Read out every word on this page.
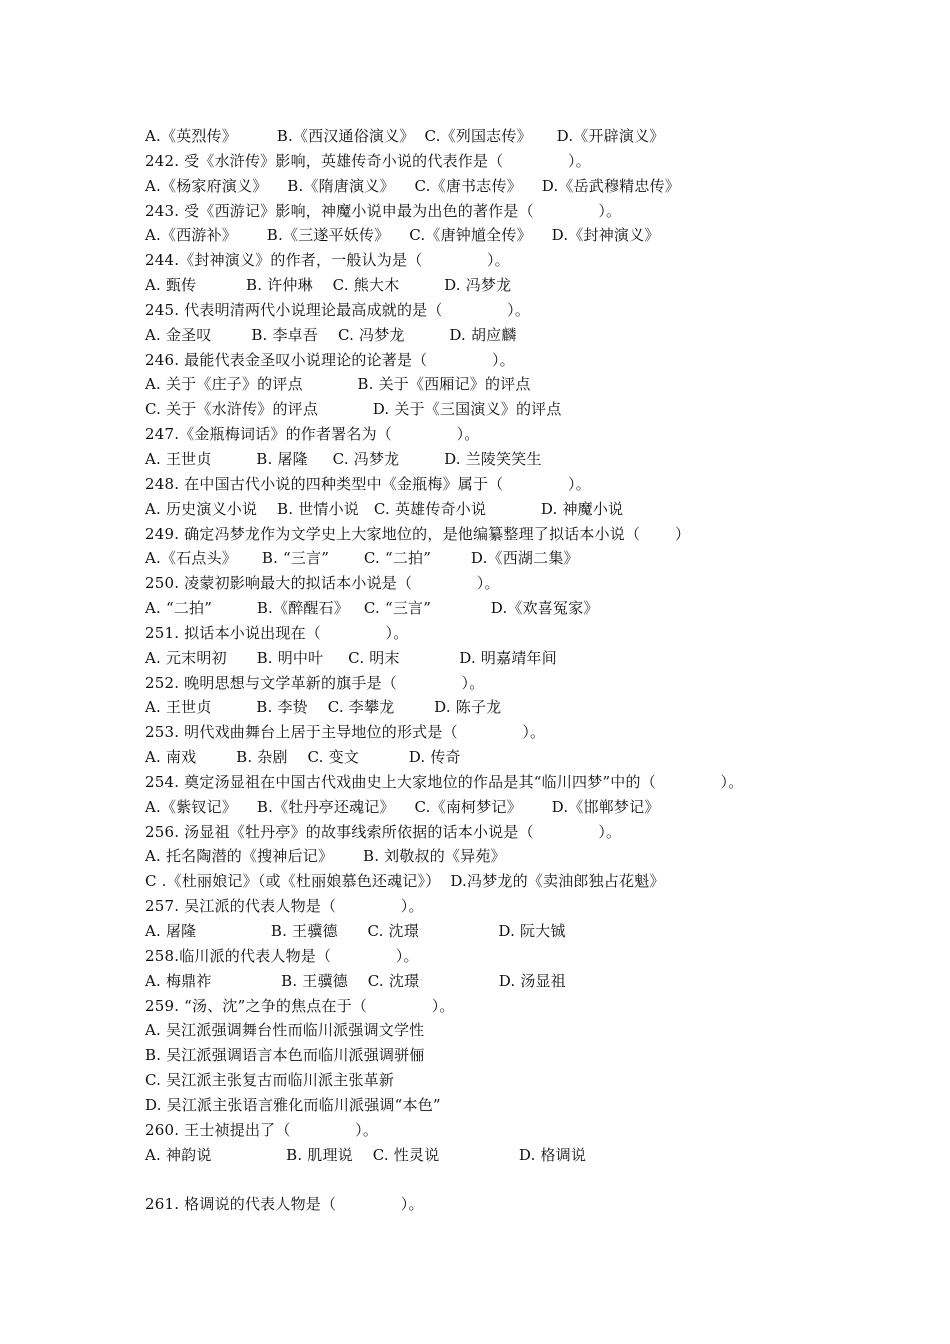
A.《英烈传》        B.《西汉通俗演义》  C.《列国志传》     D.《开辟演义》
242. 受《水浒传》影响，英雄传奇小说的代表作是（             ）。
A.《杨家府演义》    B.《隋唐演义》    C.《唐书志传》    D.《岳武穆精忠传》
243. 受《西游记》影响，神魔小说申最为出色的著作是（             ）。
A.《西游补》      B.《三遂平妖传》    C.《唐钟馗全传》    D.《封神演义》
244.《封神演义》的作者，一般认为是（             ）。
A. 甄传          B. 许仲琳    C. 熊大木         D. 冯梦龙
245. 代表明清两代小说理论最高成就的是（             ）。
A. 金圣叹        B. 李卓吾    C. 冯梦龙         D. 胡应麟
246. 最能代表金圣叹小说理论的论著是（             ）。
A. 关于《庄子》的评点           B. 关于《西厢记》的评点
C. 关于《水浒传》的评点           D. 关于《三国演义》的评点
247.《金瓶梅词话》的作者署名为（             ）。
A. 王世贞         B. 屠隆     C. 冯梦龙         D. 兰陵笑笑生
248. 在中国古代小说的四种类型中《金瓶梅》属于（             ）。
A. 历史演义小说    B. 世情小说   C. 英雄传奇小说           D. 神魔小说
249. 确定冯梦龙作为文学史上大家地位的，是他编纂整理了拟话本小说（       ）
A.《石点头》     B. “三言”       C. “二拍”        D.《西湖二集》
250. 凌蒙初影响最大的拟话本小说是（             ）。
A. “二拍”         B.《醉醒石》   C. “三言”            D.《欢喜冤家》
251. 拟话本小说出现在（             ）。
A. 元末明初      B. 明中叶     C. 明末            D. 明嘉靖年间
252. 晚明思想与文学革新的旗手是（             ）。
A. 王世贞         B. 李贽    C. 李攀龙        D. 陈子龙
253. 明代戏曲舞台上居于主导地位的形式是（             ）。
A. 南戏        B. 杂剧    C. 变文          D. 传奇
254. 奠定汤显祖在中国古代戏曲史上大家地位的作品是其“临川四梦”中的（             ）。
A.《紫钗记》    B.《牡丹亭还魂记》    C.《南柯梦记》      D.《邯郸梦记》
256. 汤显祖《牡丹亭》的故事线索所依据的话本小说是（             ）。
A. 托名陶潜的《搜神后记》      B. 刘敬叔的《异苑》
C .《杜丽娘记》（或《杜丽娘慕色还魂记》）  D.冯梦龙的《卖油郎独占花魁》
257. 吴江派的代表人物是（             ）。
A. 屠隆               B. 王骥德      C. 沈璟                D. 阮大铖
258.临川派的代表人物是（             ）。
A. 梅鼎祚              B. 王骥德    C. 沈璟                D. 汤显祖
259. “汤、沈”之争的焦点在于（             ）。
A. 吴江派强调舞台性而临川派强调文学性
B. 吴江派强调语言本色而临川派强调骈俪
C. 吴江派主张复古而临川派主张革新
D. 吴江派主张语言雅化而临川派强调“本色”
260. 王士祯提出了（             ）。
A. 神韵说               B. 肌理说    C. 性灵说                D. 格调说
261. 格调说的代表人物是（             ）。
